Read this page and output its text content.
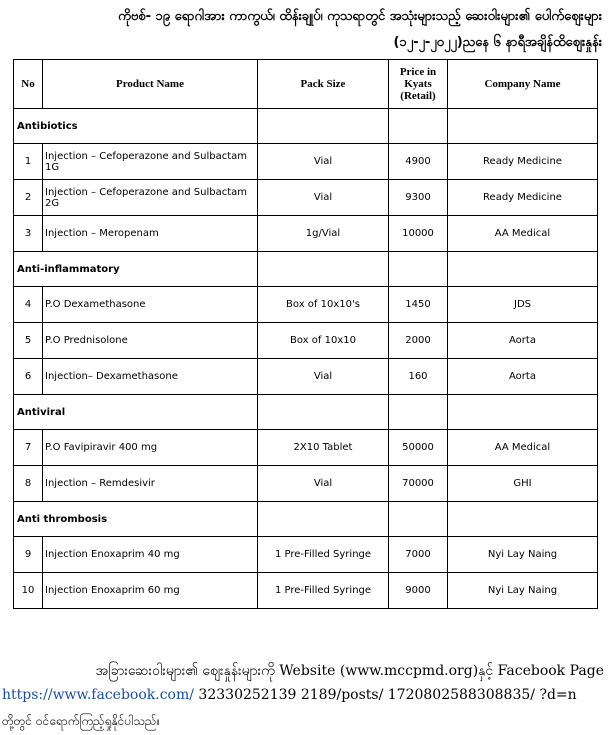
ကိုဗစ်- ၁၉ ရောဂါအား ကာကွယ်၊ ထိန်းချုပ်၊ ကုသရာတွင် အသုံးများသည့် ဆေးဝါးများ၏ ပေါက်စျေးများ
(၁၂-၂-၂၀၂၂)ညနေ ၆ နာရီအချိန်ထိစျေးနှုန်း
No	Product Name	Pack Size	Price in Kyats (Retail)	Company Name
Antibiotics				
1	Injection – Cefoperazone and Sulbactam 1G	Vial	4900	Ready Medicine
2	Injection – Cefoperazone and Sulbactam 2G	Vial	9300	Ready Medicine
3	Injection – Meropenam	1g/Vial	10000	AA Medical
Anti-inflammatory				
4	P.O Dexamethasone	Box of 10x10's	1450	JDS
5	P.O Prednisolone	Box of 10x10	2000	Aorta
6	Injection– Dexamethasone	Vial	160	Aorta
Antiviral				
7	P.O Favipiravir 400 mg	2X10 Tablet	50000	AA Medical
8	Injection – Remdesivir	Vial	70000	GHI
Anti thrombosis				
9	Injection Enoxaprim 40 mg	1 Pre-Filled Syringe	7000	Nyi Lay Naing
10	Injection Enoxaprim 60 mg	1 Pre-Filled Syringe	9000	Nyi Lay Naing
အခြားဆေးဝါးများ၏ စျေးနှုန်းများကို Website (www.mccpmd.org)နှင့် Facebook Page
https://www.facebook.com/ 32330252139 2189/posts/ 1720802588308835/ ?d=n
တို့တွင် ဝင်ရောက်ကြည့်ရှုနိုင်ပါသည်။
